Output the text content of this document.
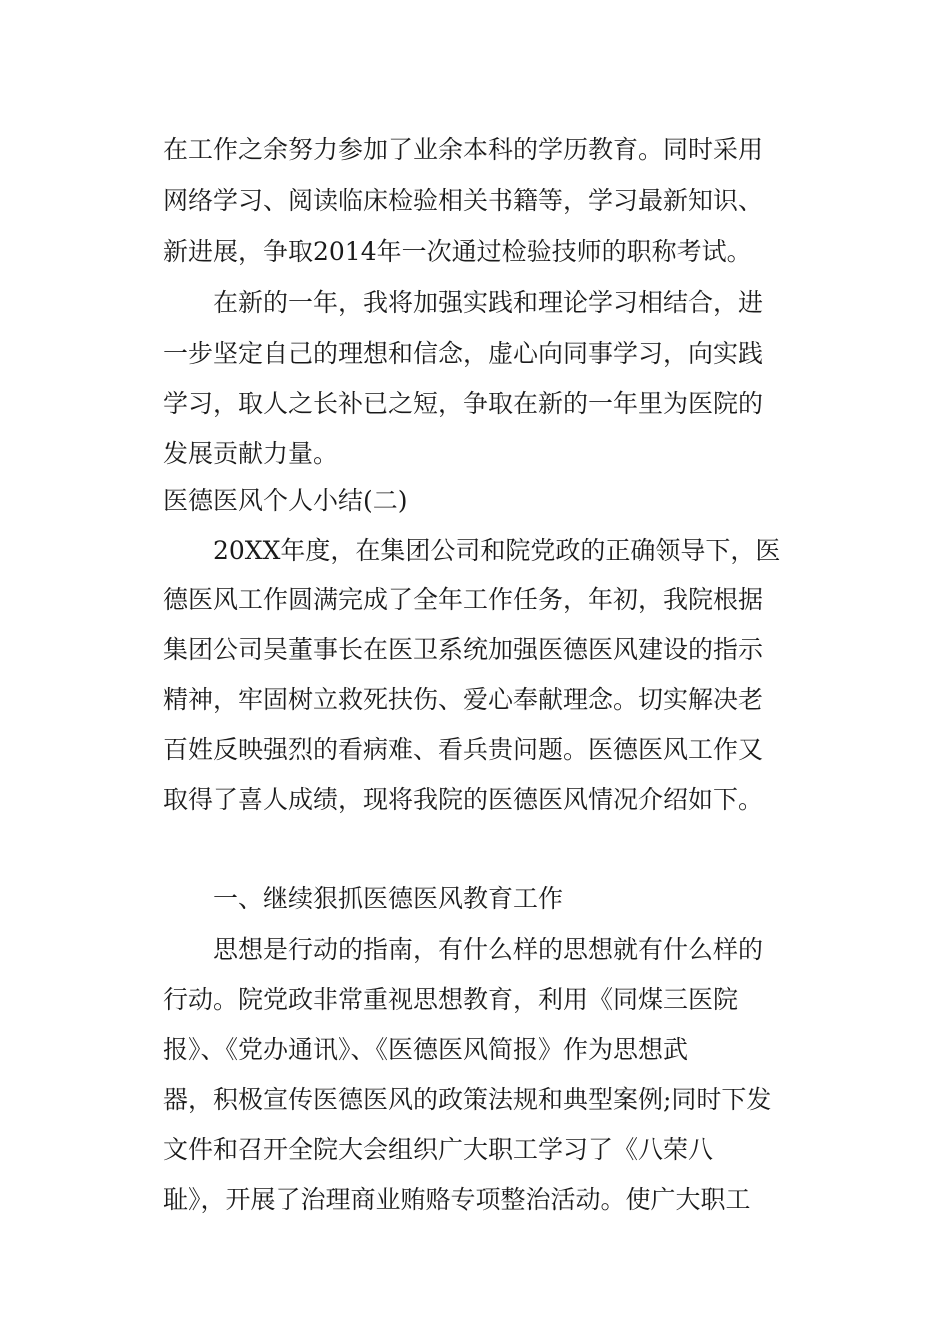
在工作之余努力参加了业余本科的学历教育。同时采用
网络学习、阅读临床检验相关书籍等，学习最新知识、
新进展，争取2014年一次通过检验技师的职称考试。
在新的一年，我将加强实践和理论学习相结合，进
一步坚定自己的理想和信念，虚心向同事学习，向实践
学习，取人之长补已之短，争取在新的一年里为医院的
发展贡献力量。
医德医风个人小结(二)
20XX年度，在集团公司和院党政的正确领导下，医
德医风工作圆满完成了全年工作任务，年初，我院根据
集团公司吴董事长在医卫系统加强医德医风建设的指示
精神，牢固树立救死扶伤、爱心奉献理念。切实解决老
百姓反映强烈的看病难、看兵贵问题。医德医风工作又
取得了喜人成绩，现将我院的医德医风情况介绍如下。
一、继续狠抓医德医风教育工作
思想是行动的指南，有什么样的思想就有什么样的
行动。院党政非常重视思想教育，利用《同煤三医院
报》、《党办通讯》、《医德医风简报》作为思想武
器，积极宣传医德医风的政策法规和典型案例;同时下发
文件和召开全院大会组织广大职工学习了《八荣八
耻》，开展了治理商业贿赂专项整治活动。使广大职工
